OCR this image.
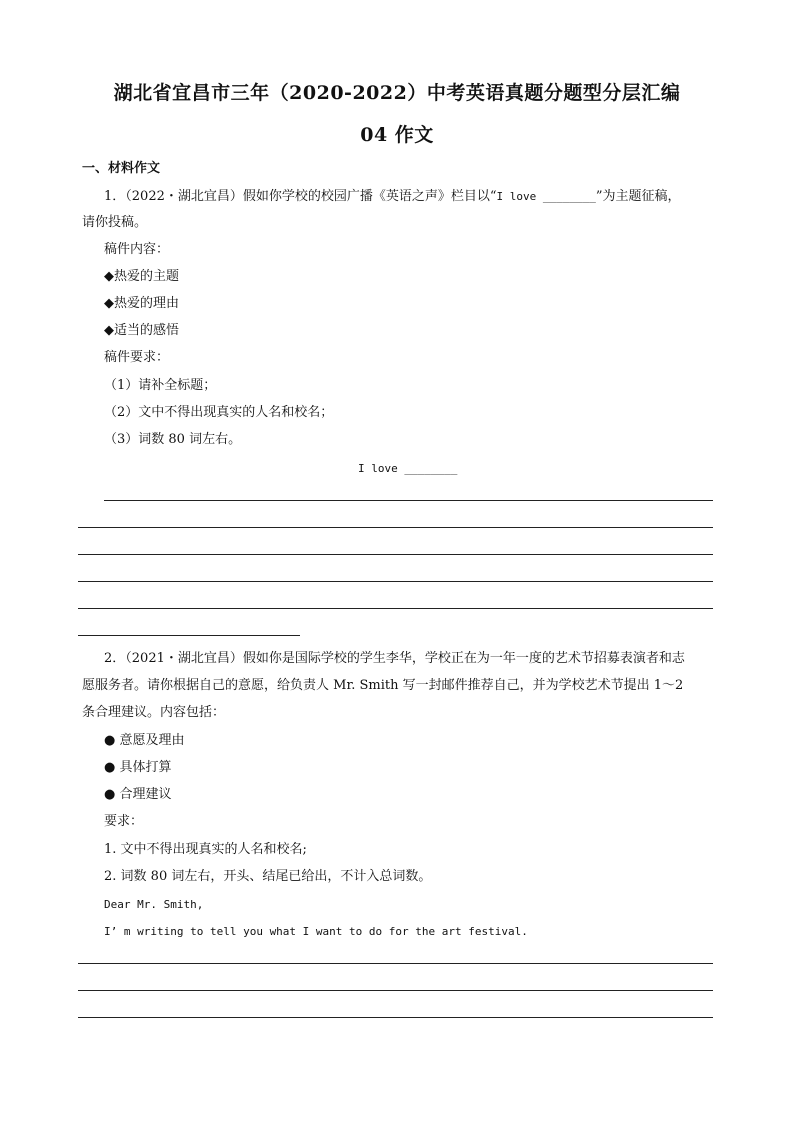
湖北省宜昌市三年（2020-2022）中考英语真题分题型分层汇编
04 作文
一、材料作文
1．（2022・湖北宜昌）假如你学校的校园广播《英语之声》栏目以“I love ________”为主题征稿，
请你投稿。
稿件内容：
◆热爱的主题
◆热爱的理由
◆适当的感悟
稿件要求：
（1）请补全标题；
（2）文中不得出现真实的人名和校名；
（3）词数 80 词左右。
I love ________
2．（2021・湖北宜昌）假如你是国际学校的学生李华，学校正在为一年一度的艺术节招募表演者和志
愿服务者。请你根据自己的意愿，给负责人 Mr. Smith 写一封邮件推荐自己，并为学校艺术节提出 1～2
条合理建议。内容包括：
● 意愿及理由
● 具体打算
● 合理建议
要求：
1. 文中不得出现真实的人名和校名;
2. 词数 80 词左右，开头、结尾已给出，不计入总词数。
Dear Mr. Smith,
I’ m writing to tell you what I want to do for the art festival.
